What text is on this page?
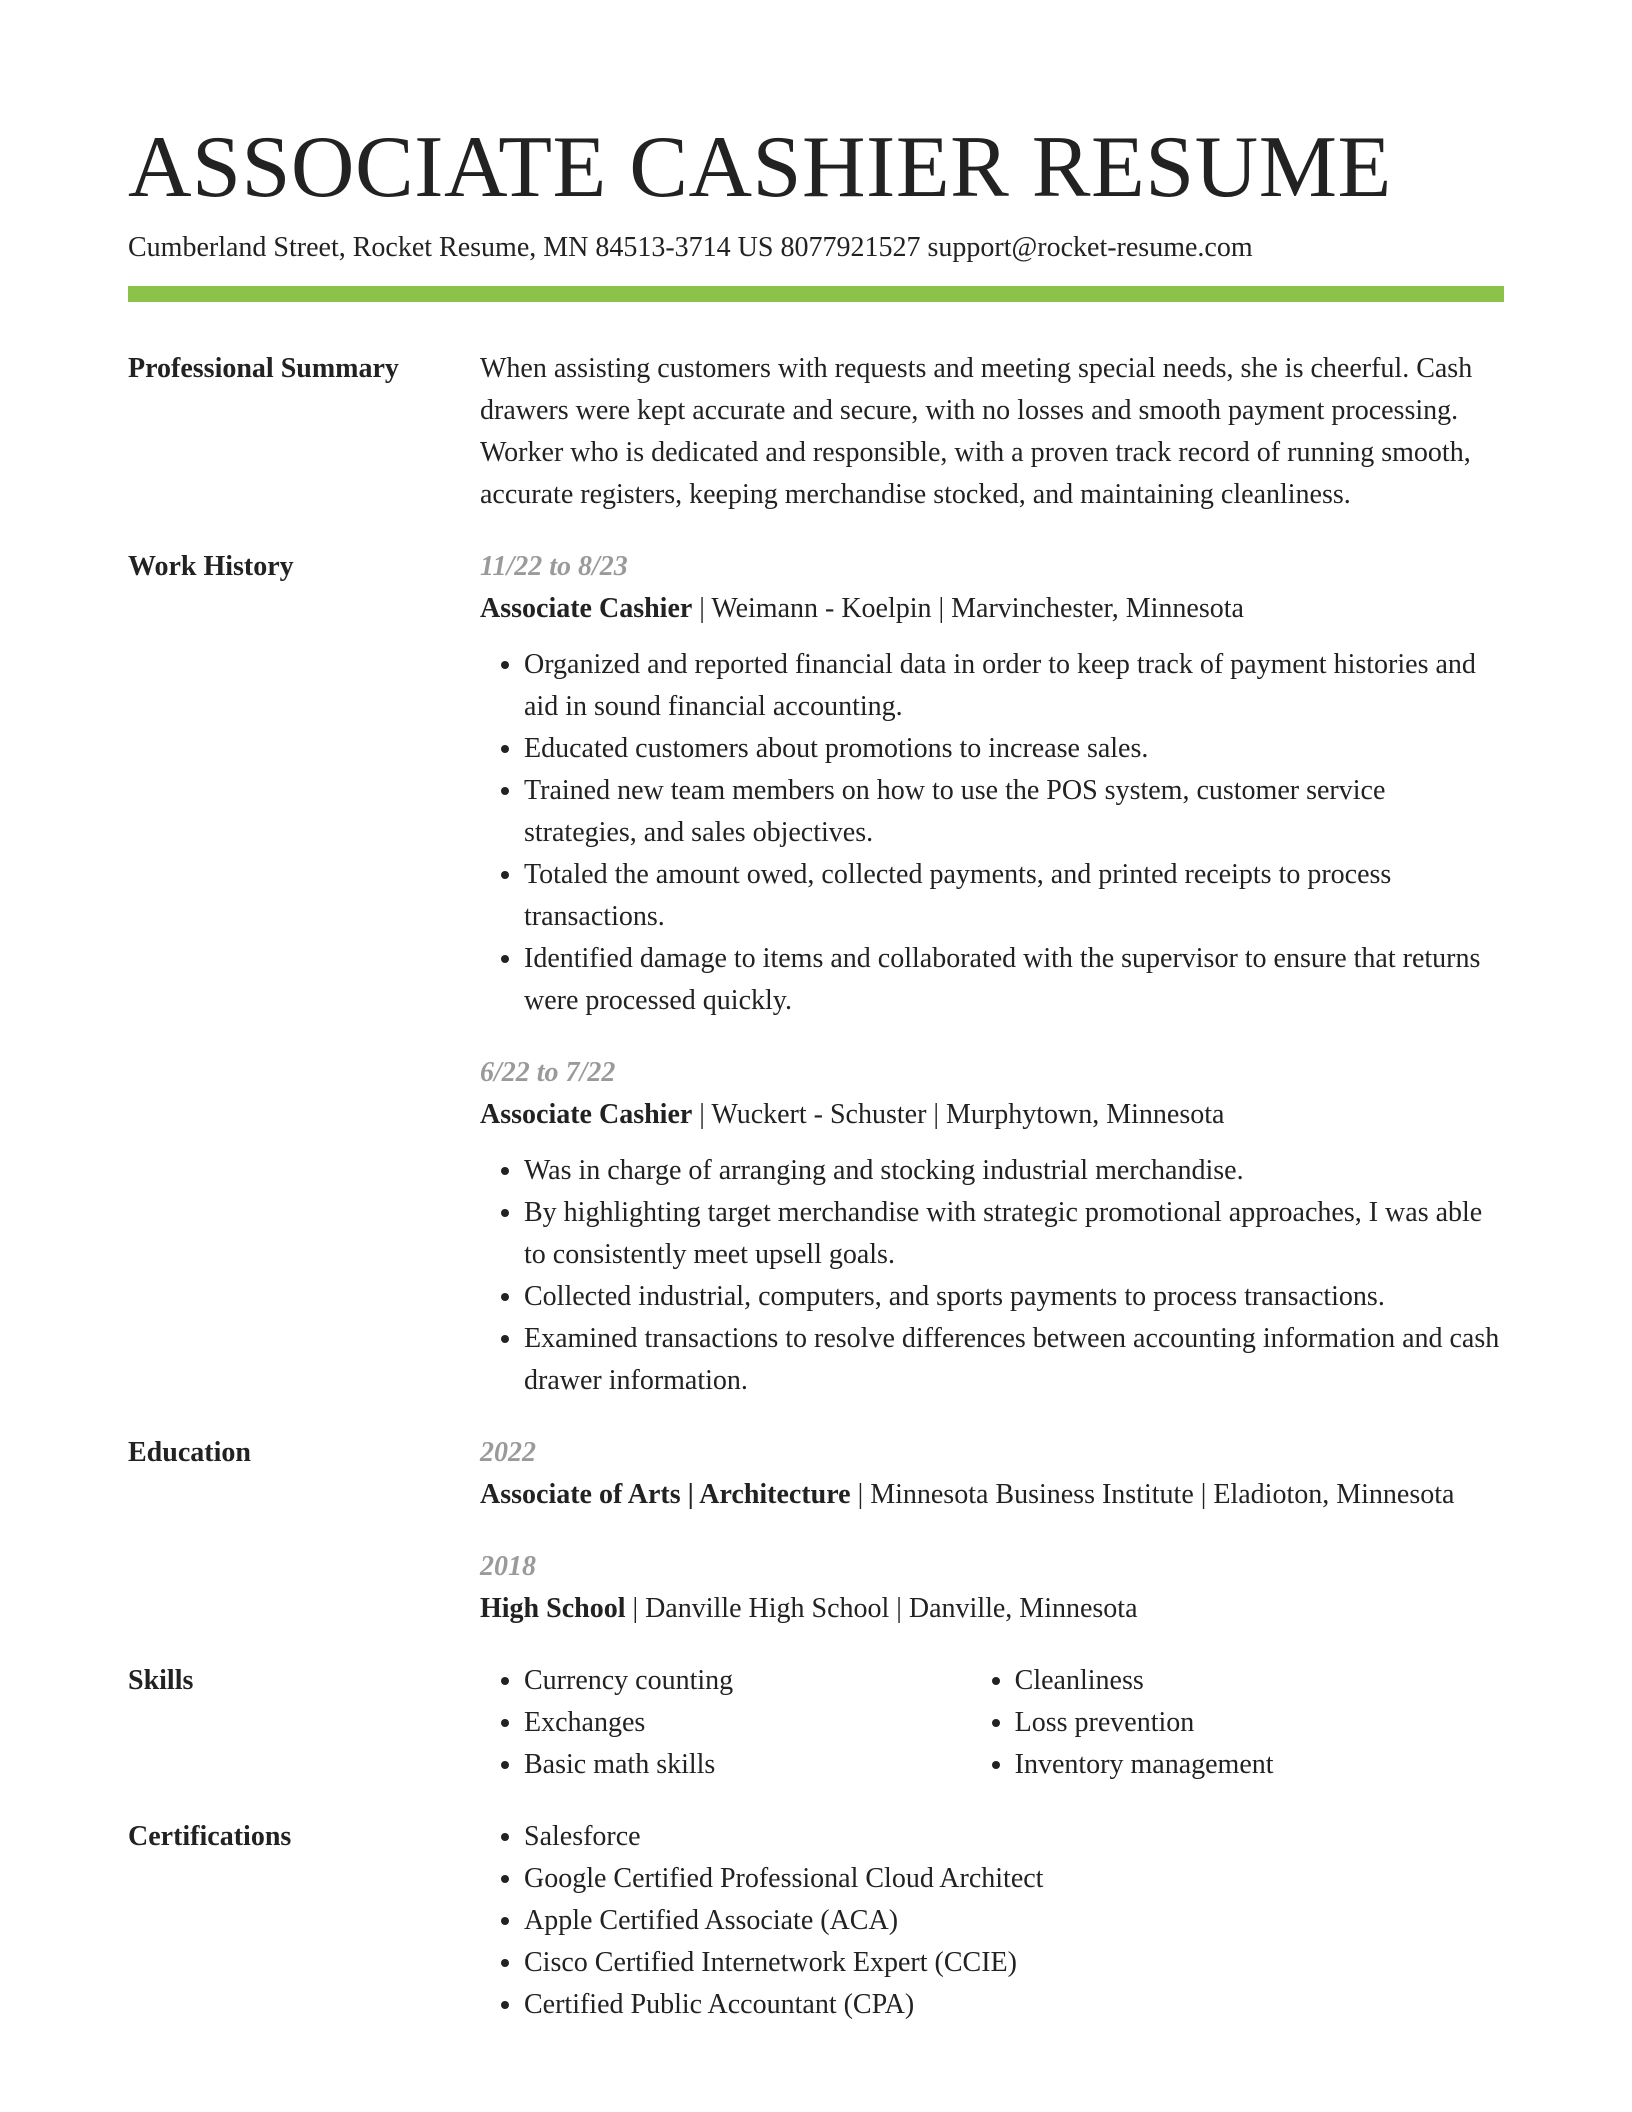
ASSOCIATE CASHIER RESUME
Cumberland Street, Rocket Resume, MN 84513-3714 US 8077921527 support@rocket-resume.com
Professional Summary	When assisting customers with requests and meeting special needs, she is cheerful. Cash drawers were kept accurate and secure, with no losses and smooth payment processing. Worker who is dedicated and responsible, with a proven track record of running smooth, accurate registers, keeping merchandise stocked, and maintaining cleanliness.

Work History	11/22 to 8/23
Associate Cashier | Weimann - Koelpin | Marvinchester, Minnesota
• Organized and reported financial data in order to keep track of payment histories and aid in sound financial accounting.
• Educated customers about promotions to increase sales.
• Trained new team members on how to use the POS system, customer service strategies, and sales objectives.
• Totaled the amount owed, collected payments, and printed receipts to process transactions.
• Identified damage to items and collaborated with the supervisor to ensure that returns were processed quickly.
6/22 to 7/22
Associate Cashier | Wuckert - Schuster | Murphytown, Minnesota
• Was in charge of arranging and stocking industrial merchandise.
• By highlighting target merchandise with strategic promotional approaches, I was able to consistently meet upsell goals.
• Collected industrial, computers, and sports payments to process transactions.
• Examined transactions to resolve differences between accounting information and cash drawer information.
Education	2022
Associate of Arts | Architecture | Minnesota Business Institute | Eladioton, Minnesota
2018
High School | Danville High School | Danville, Minnesota
Skills	• Currency counting
• Exchanges
• Basic math skills
• Cleanliness
• Loss prevention
• Inventory management
Certifications	• Salesforce
• Google Certified Professional Cloud Architect
• Apple Certified Associate (ACA)
• Cisco Certified Internetwork Expert (CCIE)
• Certified Public Accountant (CPA)
